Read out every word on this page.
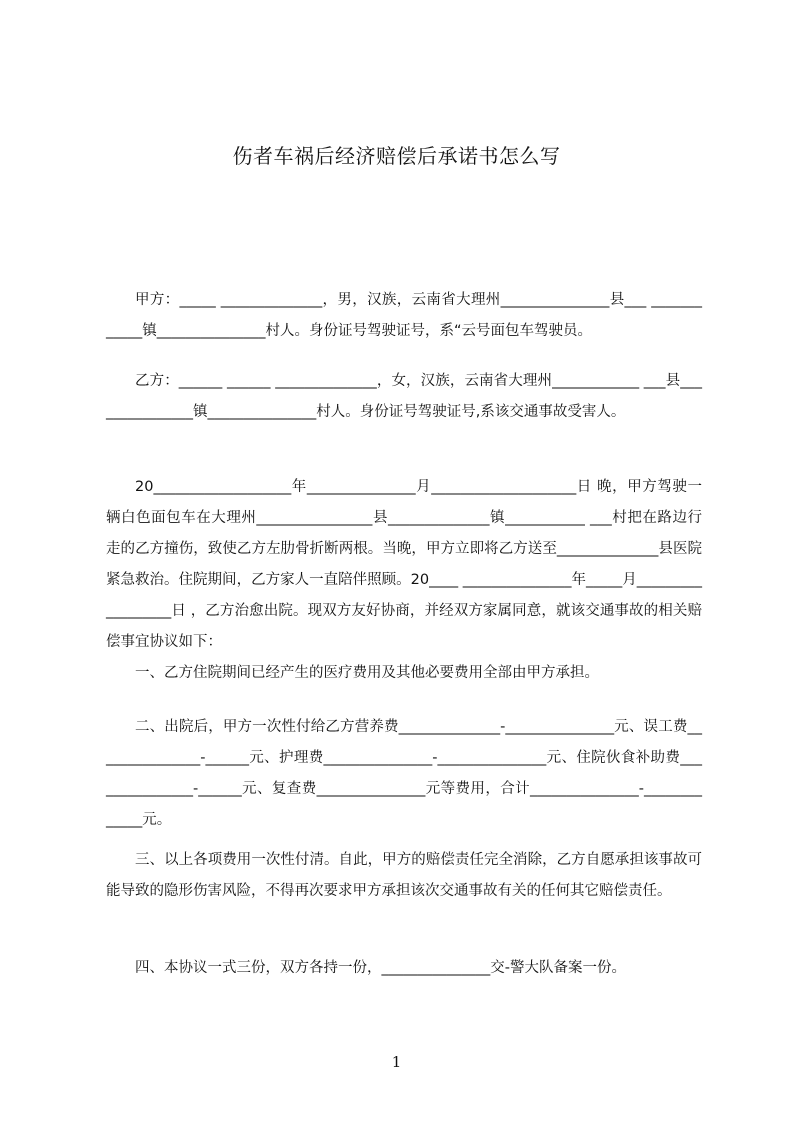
伤者车祸后经济赔偿后承诺书怎么写

甲方：_____ ______________，男，汉族，云南省大理州_______________县___ ____________镇_______________村人。身份证号驾驶证号，系“云号面包车驾驶员。

乙方：______ ______ ______________，女，汉族，云南省大理州____________ ___县_______________镇_______________村人。身份证号驾驶证号,系该交通事故受害人。

20___________________年_______________月____________________日 晚，甲方驾驶一辆白色面包车在大理州________________县______________镇___________ ___村把在路边行走的乙方撞伤，致使乙方左肋骨折断两根。当晚，甲方立即将乙方送至______________县医院紧急救治。住院期间，乙方家人一直陪伴照顾。20____ _______________年_____月__________________日 ，乙方治愈出院。现双方友好协商，并经双方家属同意，就该交通事故的相关赔偿事宜协议如下：

一、乙方住院期间已经产生的医疗费用及其他必要费用全部由甲方承担。

二、出院后，甲方一次性付给乙方营养费______________-_______________元、误工费_______________-______元、护理费_______________-_______________元、住院伙食补助费_______________-______元、复查费_______________元等费用，合计_______________-_____________元。

三、以上各项费用一次性付清。自此，甲方的赔偿责任完全消除，乙方自愿承担该事故可能导致的隐形伤害风险，不得再次要求甲方承担该次交通事故有关的任何其它赔偿责任。

四、本协议一式三份，双方各持一份，_______________交-警大队备案一份。

1
